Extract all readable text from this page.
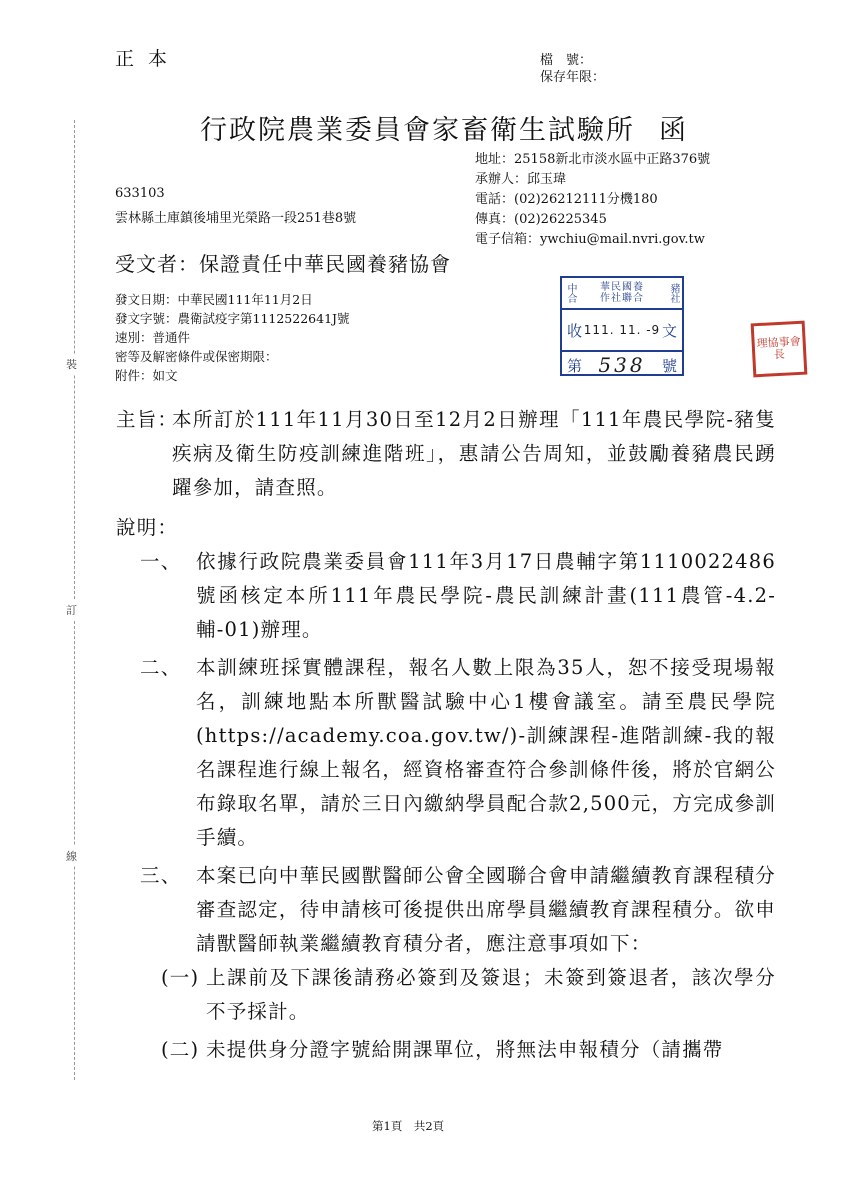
正本	檔　號：
保存年限：
行政院農業委員會家畜衛生試驗所 函
地址：25158新北市淡水區中正路376號
承辦人：邱玉瑋
電話：(02)26212111分機180
傳真：(02)26225345
電子信箱：ywchiu@mail.nvri.gov.tw
633103
雲林縣土庫鎮後埔里光榮路一段251巷8號
受文者：保證責任中華民國養豬協會
發文日期：中華民國111年11月2日
發文字號：農衛試疫字第1112522641J號
速別：普通件
密等及解密條件或保密期限：
附件：如文
中合 華民國養
作社聯合 豬社
收 111. 11. -9 文
第 538 號
理協事會長
裝
訂
線
主旨：
本所訂於111年11月30日至12月2日辦理「111年農民學院-豬隻疾病及衛生防疫訓練進階班」，惠請公告周知，並鼓勵養豬農民踴躍參加，請查照。
說明：
一、 依據行政院農業委員會111年3月17日農輔字第1110022486號函核定本所111年農民學院-農民訓練計畫(111農管-4.2-輔-01)辦理。
二、 本訓練班採實體課程，報名人數上限為35人，恕不接受現場報名，訓練地點本所獸醫試驗中心1樓會議室。請至農民學院(https://academy.coa.gov.tw/)-訓練課程-進階訓練-我的報名課程進行線上報名，經資格審查符合參訓條件後，將於官網公布錄取名單，請於三日內繳納學員配合款2,500元，方完成參訓手續。
三、 本案已向中華民國獸醫師公會全國聯合會申請繼續教育課程積分審查認定，待申請核可後提供出席學員繼續教育課程積分。欲申請獸醫師執業繼續教育積分者，應注意事項如下：
(一) 上課前及下課後請務必簽到及簽退；未簽到簽退者，該次學分不予採計。
(二) 未提供身分證字號給開課單位，將無法申報積分（請攜帶
第1頁　共2頁
